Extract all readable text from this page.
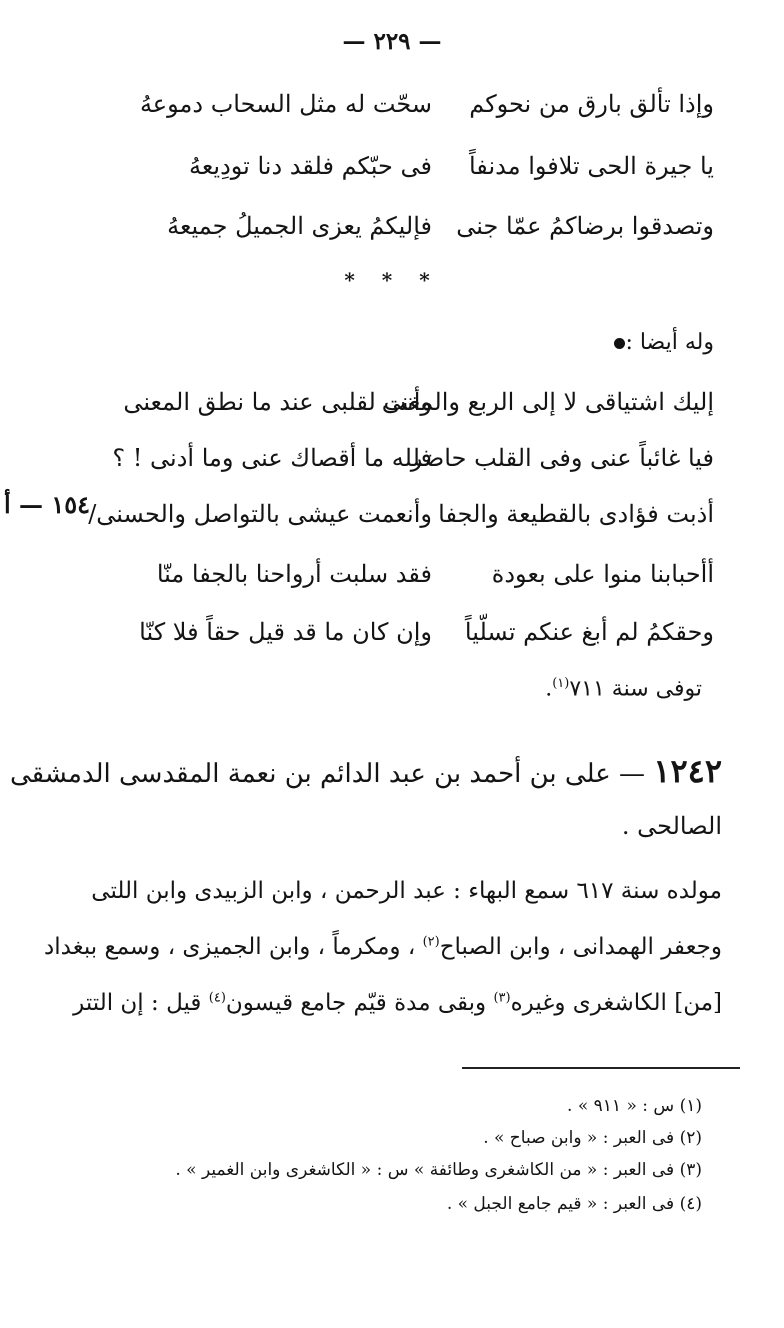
— ٢٢٩ —
وإذا تألق بارق من نحوكم
سحّت له مثل السحاب دموعهُ
يا جيرة الحى تلافوا مدنفاً
فى حبّكم فلقد دنا تودِيعهُ
وتصدقوا برضاكمُ عمّا جنى
فإليكمُ يعزى الجميلُ جميعهُ
* * *
وله أيضا :
إليك اشتياقى لا إلى الربع والمغنى
وأنت لقلبى عند ما نطق المعنى
فيا غائباً عنى وفى القلب حاضر
فلله ما أقصاك عنى وما أدنى ! ؟
أذبت فؤادى بالقطيعة والجفا
وأنعمت عيشى بالتواصل والحسنى/
أأحبابنا منوا على بعودة
فقد سلبت أرواحنا بالجفا منّا
وحقكمُ لم أبغ عنكم تسلّياً
وإن كان ما قد قيل حقاً فلا كنّا
١٥٤ — أ
توفى سنة ٧١١$^{(١)}$.
١٢٤٢ — على بن أحمد بن عبد الدائم بن نعمة المقدسى الدمشقى
الصالحى .
مولده سنة ٦١٧ سمع البهاء : عبد الرحمن ، وابن الزبيدى وابن اللتى
وجعفر الهمدانى ، وابن الصباح$^{(٢)}$ ، ومكرماً ، وابن الجميزى ، وسمع ببغداد
[من] الكاشغرى وغيره$^{(٣)}$ وبقى مدة قيّم جامع قيسون$^{(٤)}$ قيل : إن التتر
(١) س : « ٩١١ » .
(٢) فى العبر : « وابن صباح » .
(٣) فى العبر : « من الكاشغرى وطائفة » س : « الكاشغرى وابن الغمير » .
(٤) فى العبر : « قيم جامع الجبل » .
